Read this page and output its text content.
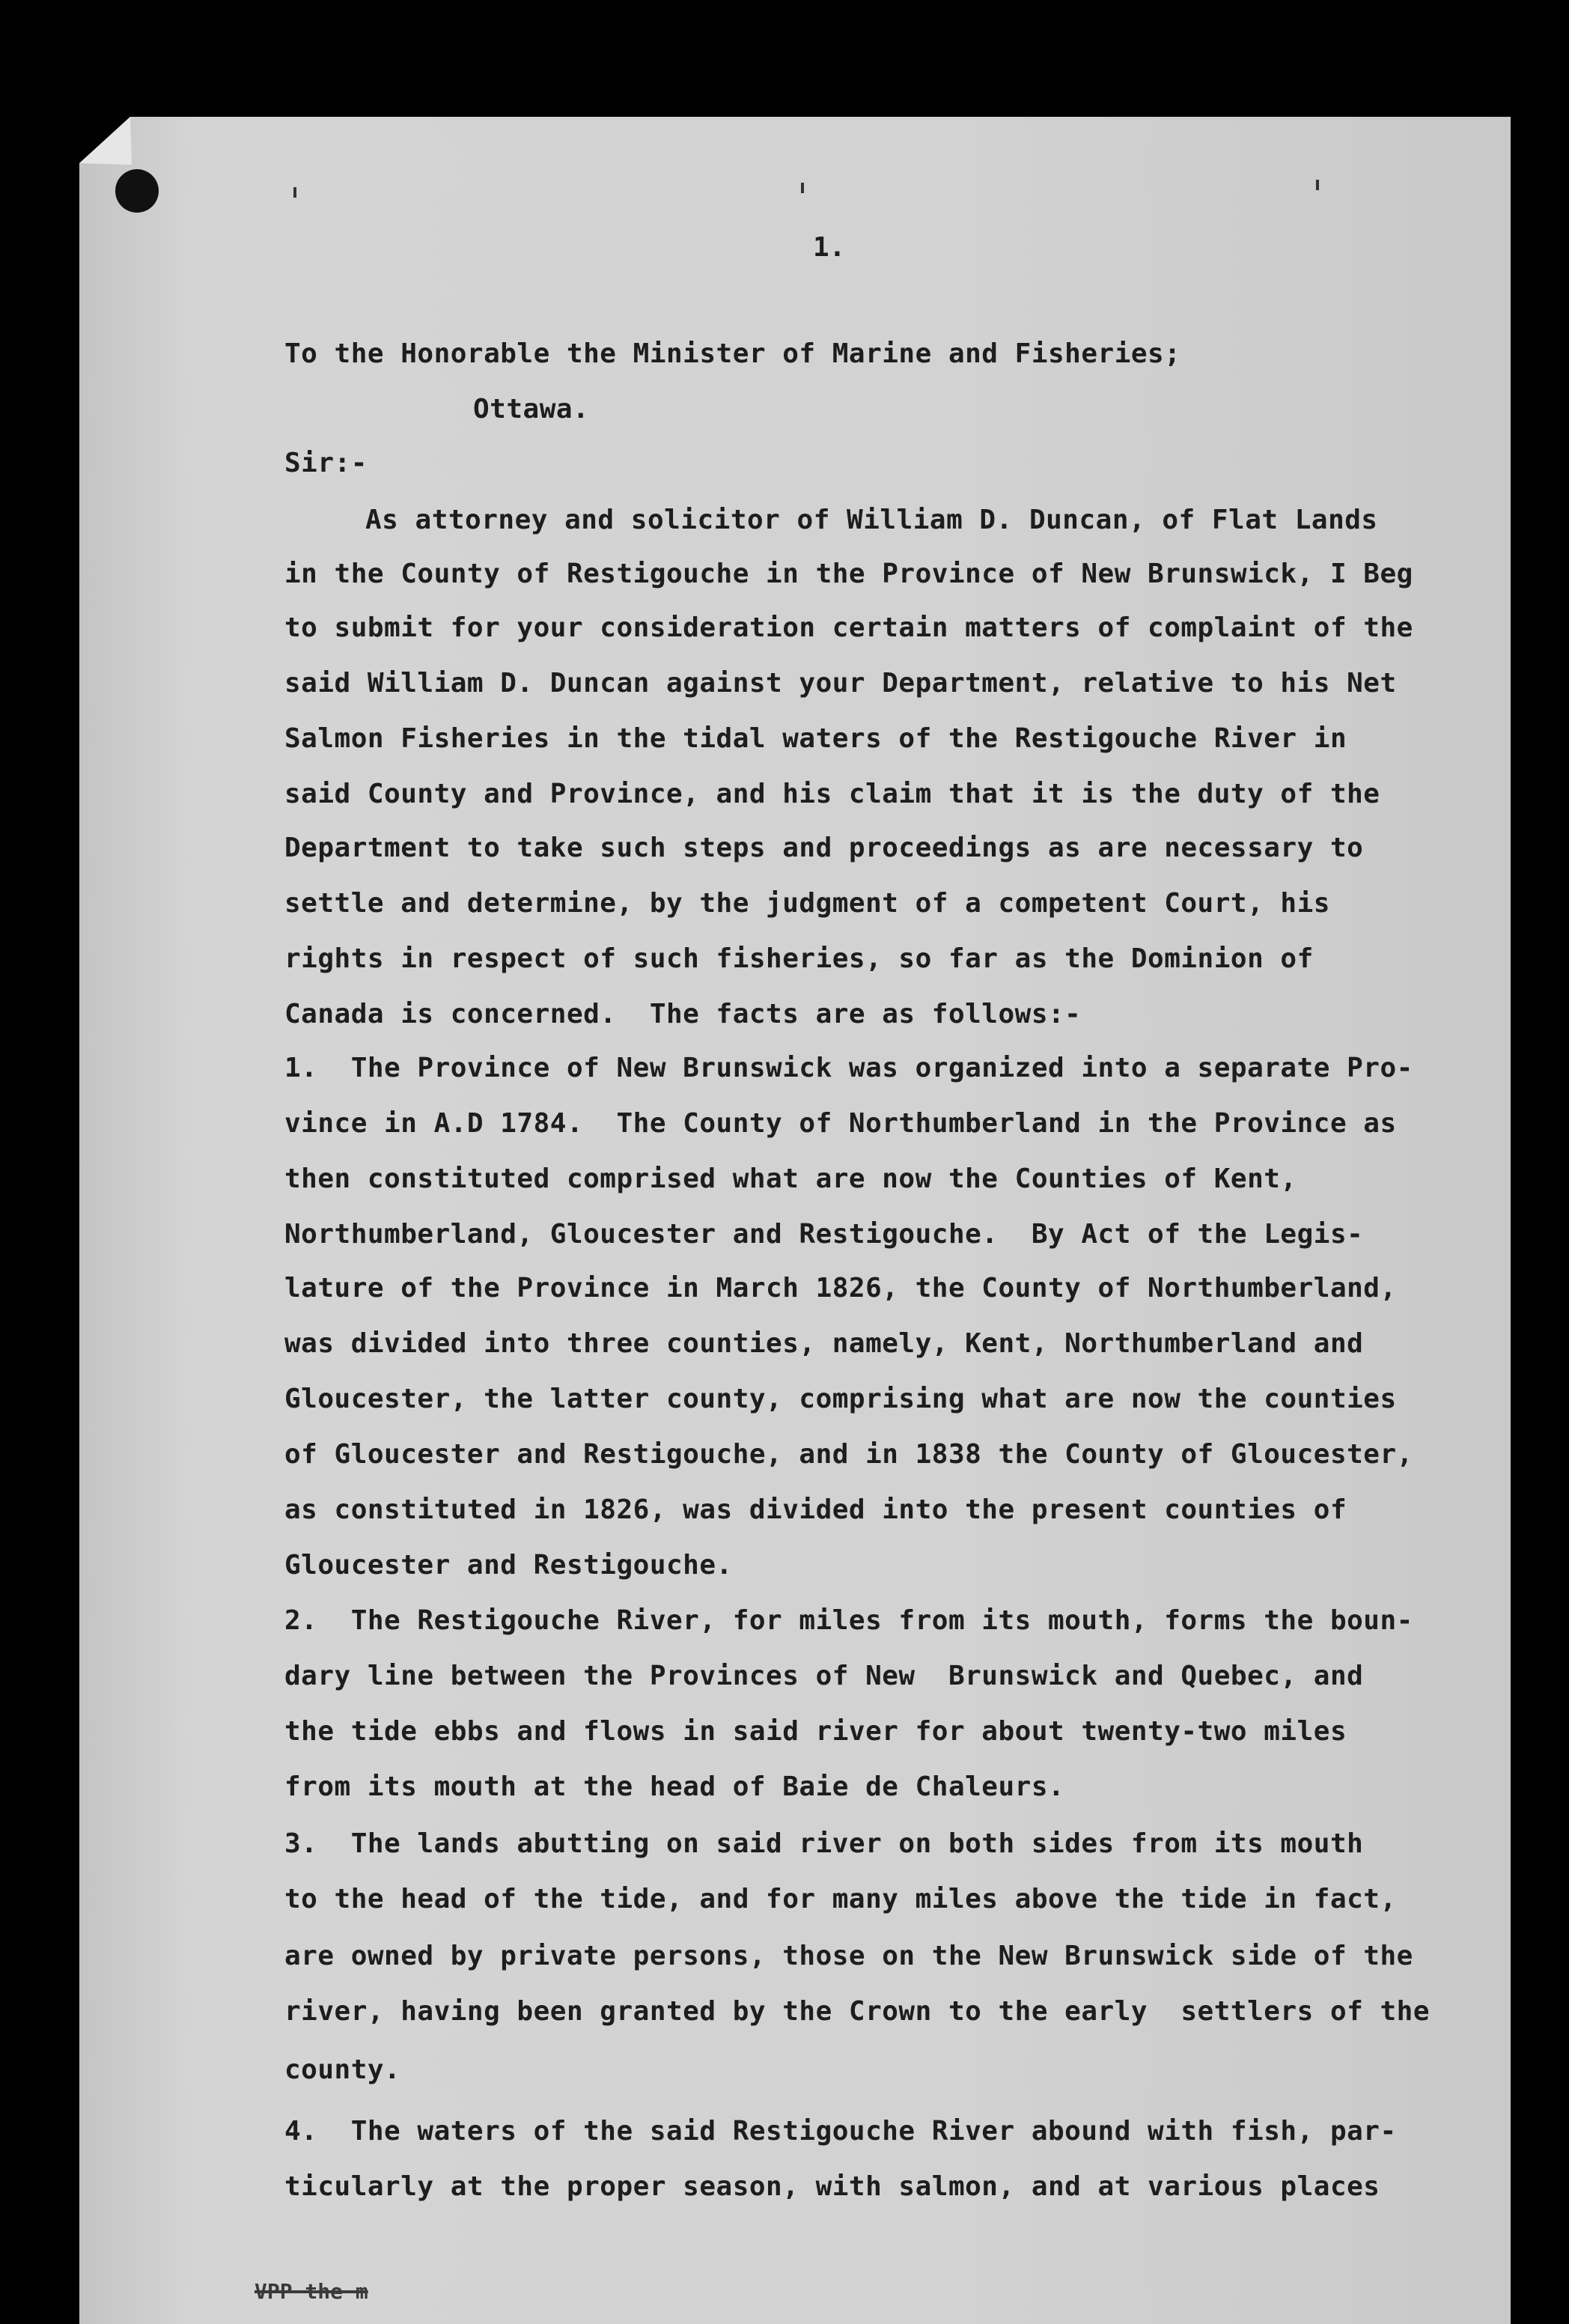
1.

To the Honorable the Minister of Marine and Fisheries;

Ottawa.

Sir:-

As attorney and solicitor of William D. Duncan, of Flat Lands

in the County of Restigouche in the Province of New Brunswick, I Beg

to submit for your consideration certain matters of complaint of the

said William D. Duncan against your Department, relative to his Net

Salmon Fisheries in the tidal waters of the Restigouche River in

said County and Province, and his claim that it is the duty of the

Department to take such steps and proceedings as are necessary to

settle and determine, by the judgment of a competent Court, his

rights in respect of such fisheries, so far as the Dominion of

Canada is concerned.  The facts are as follows:-

1.  The Province of New Brunswick was organized into a separate Pro-

vince in A.D 1784.  The County of Northumberland in the Province as

then constituted comprised what are now the Counties of Kent,

Northumberland, Gloucester and Restigouche.  By Act of the Legis-

lature of the Province in March 1826, the County of Northumberland,

was divided into three counties, namely, Kent, Northumberland and

Gloucester, the latter county, comprising what are now the counties

of Gloucester and Restigouche, and in 1838 the County of Gloucester,

as constituted in 1826, was divided into the present counties of

Gloucester and Restigouche.

2.  The Restigouche River, for miles from its mouth, forms the boun-

dary line between the Provinces of New  Brunswick and Quebec, and

the tide ebbs and flows in said river for about twenty-two miles

from its mouth at the head of Baie de Chaleurs.

3.  The lands abutting on said river on both sides from its mouth

to the head of the tide, and for many miles above the tide in fact,

are owned by private persons, those on the New Brunswick side of the

river, having been granted by the Crown to the early  settlers of the

county.

4.  The waters of the said Restigouche River abound with fish, par-

ticularly at the proper season, with salmon, and at various places

VPP the m
